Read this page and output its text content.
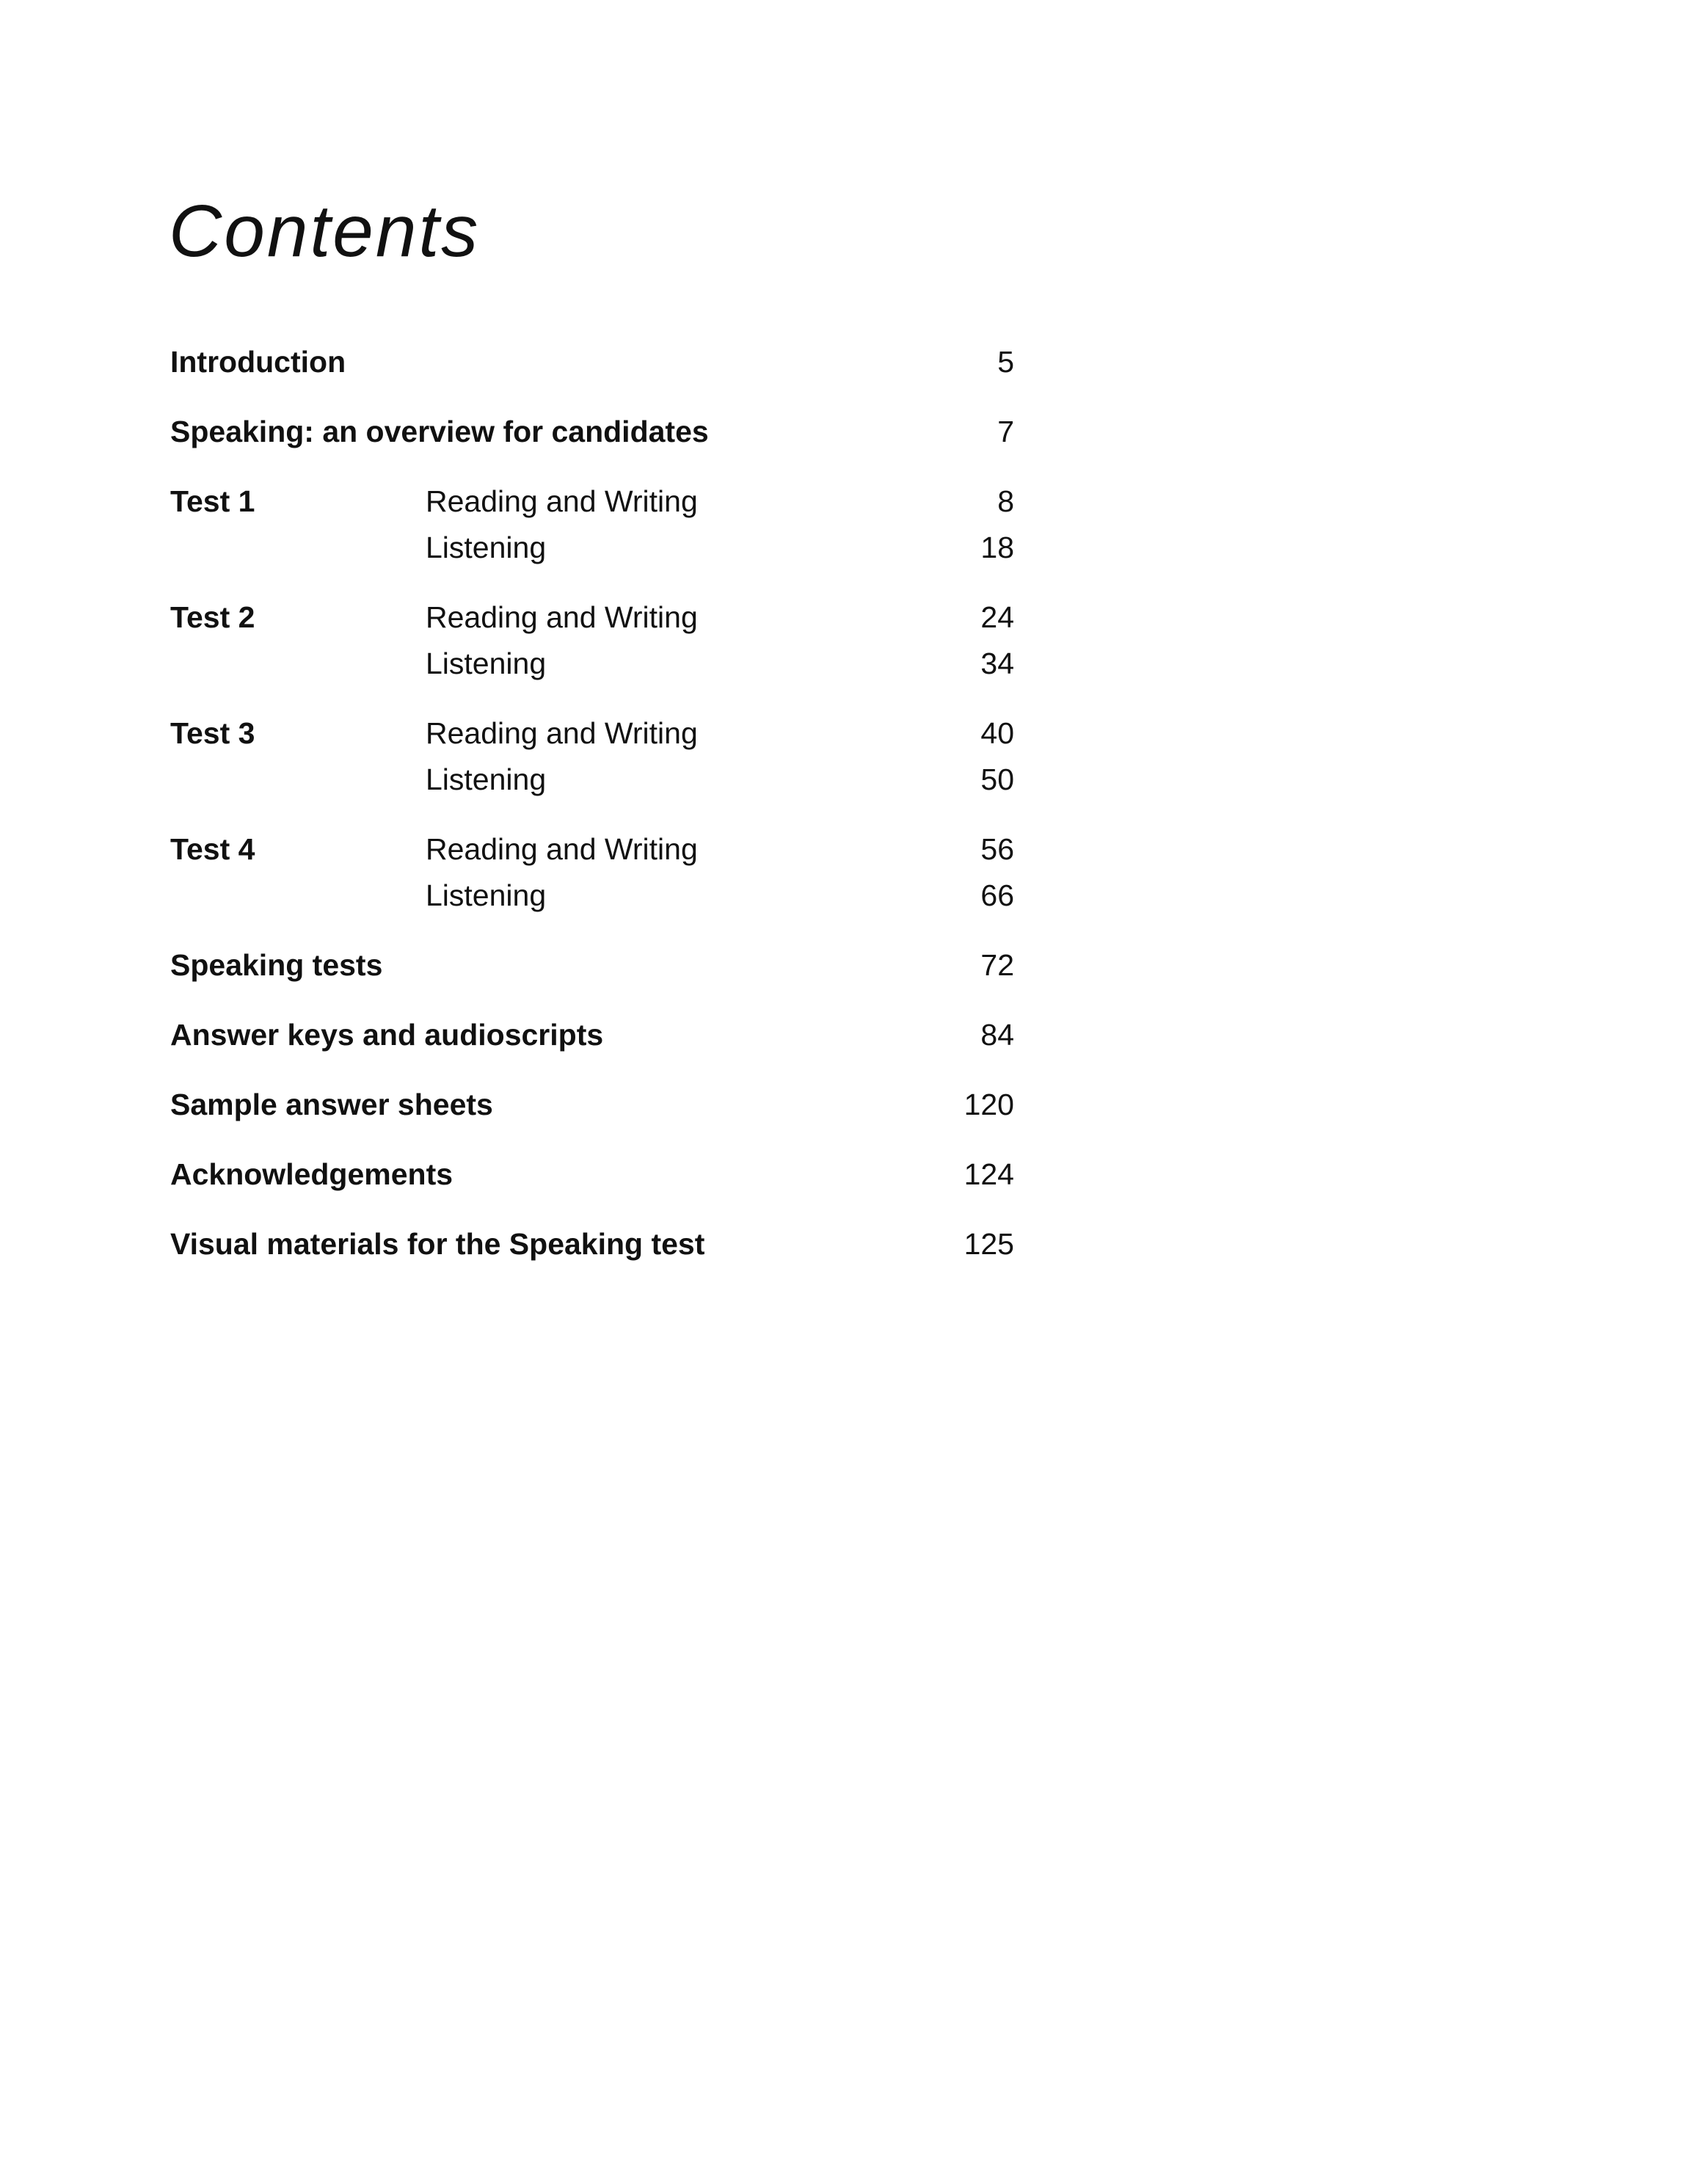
Contents
Introduction	5
Speaking: an overview for candidates	7
Test 1	Reading and Writing	8
Listening	18
Test 2	Reading and Writing	24
Listening	34
Test 3	Reading and Writing	40
Listening	50
Test 4	Reading and Writing	56
Listening	66
Speaking tests	72
Answer keys and audioscripts	84
Sample answer sheets	120
Acknowledgements	124
Visual materials for the Speaking test	125
